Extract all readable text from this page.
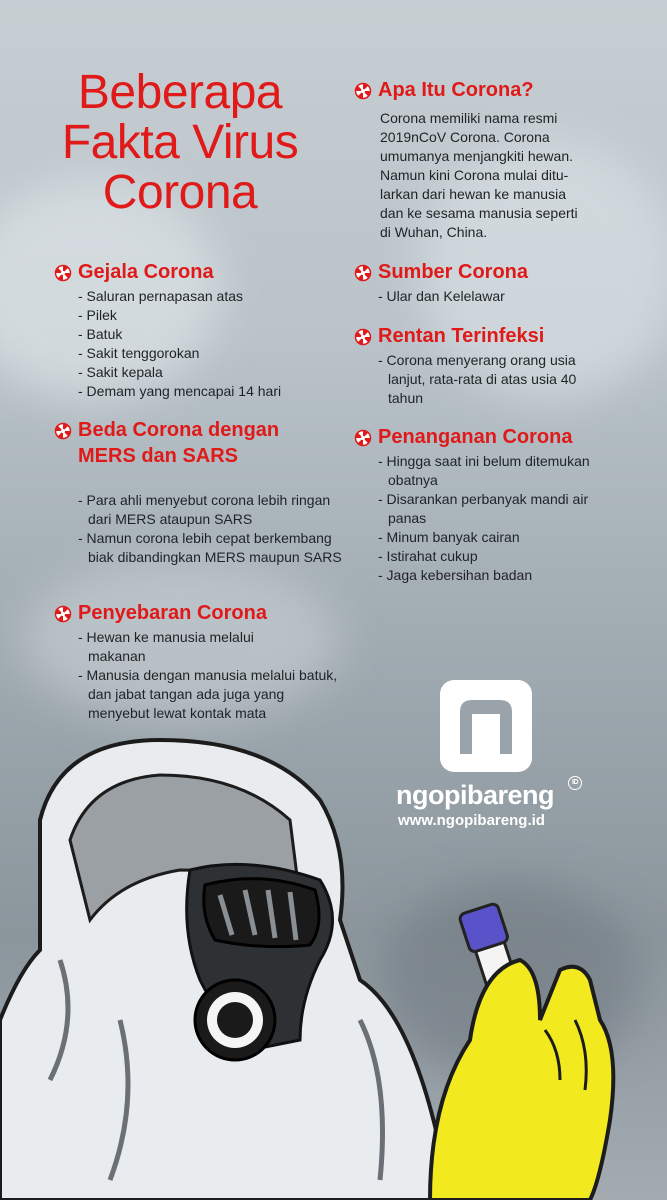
Beberapa
Fakta Virus
Corona
Gejala Corona
- Saluran pernapasan atas
- Pilek
- Batuk
- Sakit tenggorokan
- Sakit kepala
- Demam yang mencapai 14 hari
Beda Corona dengan
MERS dan SARS
- Para ahli menyebut corona lebih ringan dari MERS ataupun SARS
- Namun corona lebih cepat berkembang biak dibandingkan MERS maupun SARS
Penyebaran Corona
- Hewan ke manusia melalui makanan
- Manusia dengan manusia melalui batuk, dan jabat tangan ada juga yang menyebut lewat kontak mata
Apa Itu Corona?
Corona memiliki nama resmi
2019nCoV Corona. Corona
umumanya menjangkiti hewan.
Namun kini Corona mulai ditu-
larkan dari hewan ke manusia
dan ke sesama manusia seperti
di Wuhan, China.
Sumber Corona
- Ular dan Kelelawar
Rentan Terinfeksi
- Corona menyerang orang usia lanjut, rata-rata di atas usia 40 tahun
Penanganan Corona
- Hingga saat ini belum ditemukan obatnya
- Disarankan perbanyak mandi air panas
- Minum banyak cairan
- Istirahat cukup
- Jaga kebersihan badan
ngopibareng	ID
www.ngopibareng.id
